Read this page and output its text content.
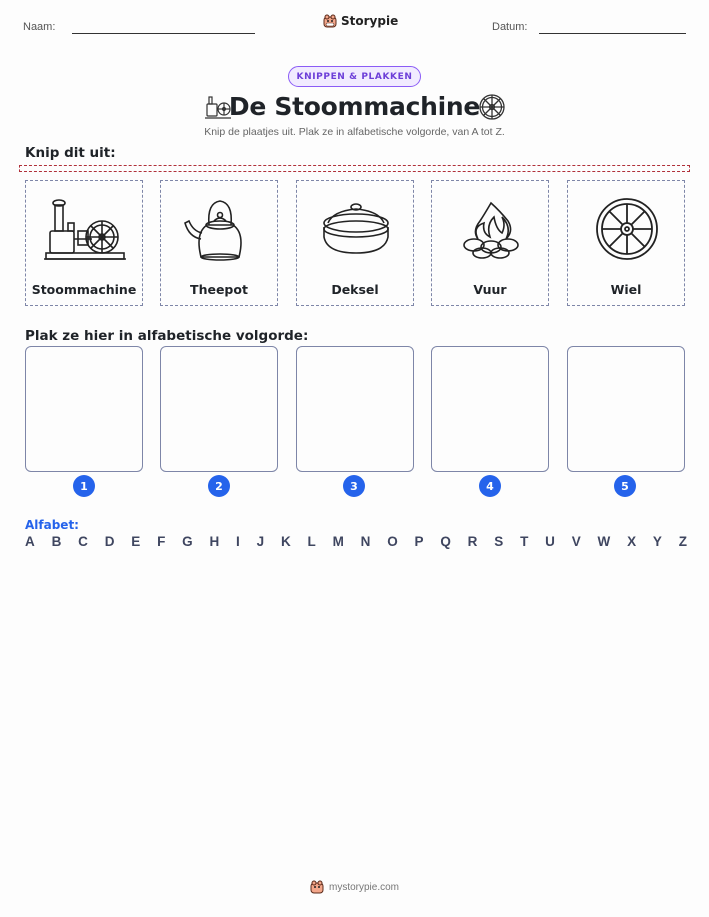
Naam:	Storypie	Datum:
KNIPPEN & PLAKKEN
De Stoommachine
Knip de plaatjes uit. Plak ze in alfabetische volgorde, van A tot Z.
Knip dit uit:
Stoommachine	Theepot	Deksel	Vuur	Wiel
Plak ze hier in alfabetische volgorde:
1	2	3	4	5
Alfabet:
A B C D E F G H I J K L M N O P Q R S T U V W X Y Z
mystorypie.com
